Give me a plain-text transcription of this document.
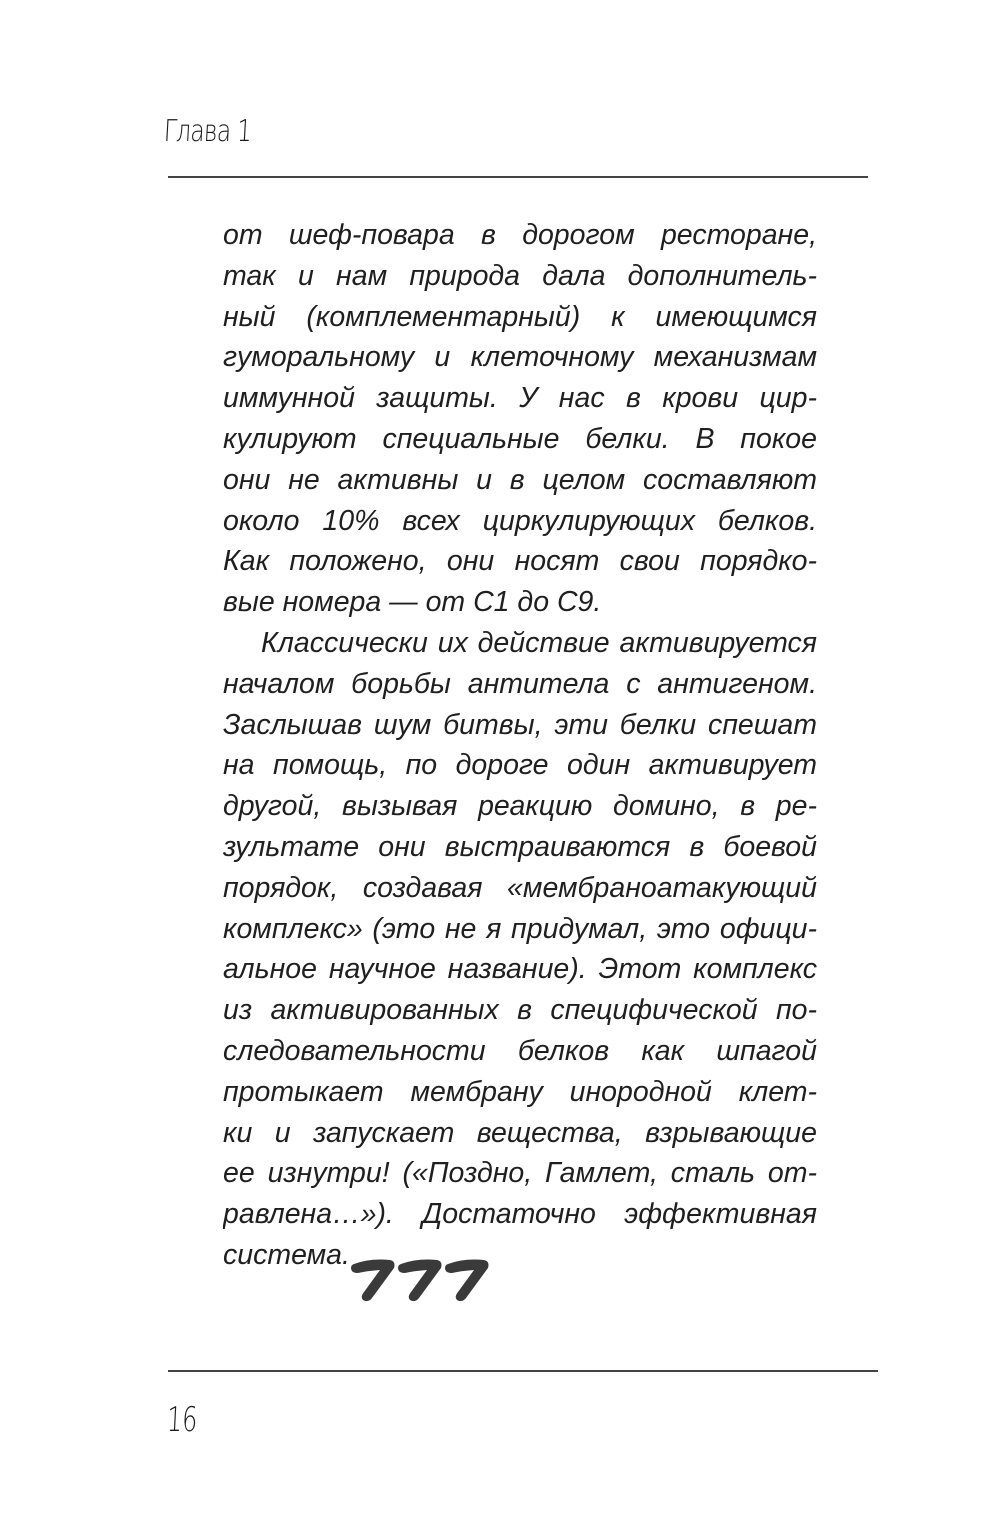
Глава 1
от шеф-повара в дорогом ресторане,
так и нам природа дала дополнитель-
ный (комплементарный) к имеющимся
гуморальному и клеточному механизмам
иммунной защиты. У нас в крови цир-
кулируют специальные белки. В покое
они не активны и в целом составляют
около 10% всех циркулирующих белков.
Как положено, они носят свои порядко-
вые номера — от С1 до С9.
Классически их действие активируется
началом борьбы антитела с антигеном.
Заслышав шум битвы, эти белки спешат
на помощь, по дороге один активирует
другой, вызывая реакцию домино, в ре-
зультате они выстраиваются в боевой
порядок, создавая «мембраноатакующий
комплекс» (это не я придумал, это офици-
альное научное название). Этот комплекс
из активированных в специфической по-
следовательности белков как шпагой
протыкает мембрану инородной клет-
ки и запускает вещества, взрывающие
ее изнутри! («Поздно, Гамлет, сталь от-
равлена…»). Достаточно эффективная
система.
16
